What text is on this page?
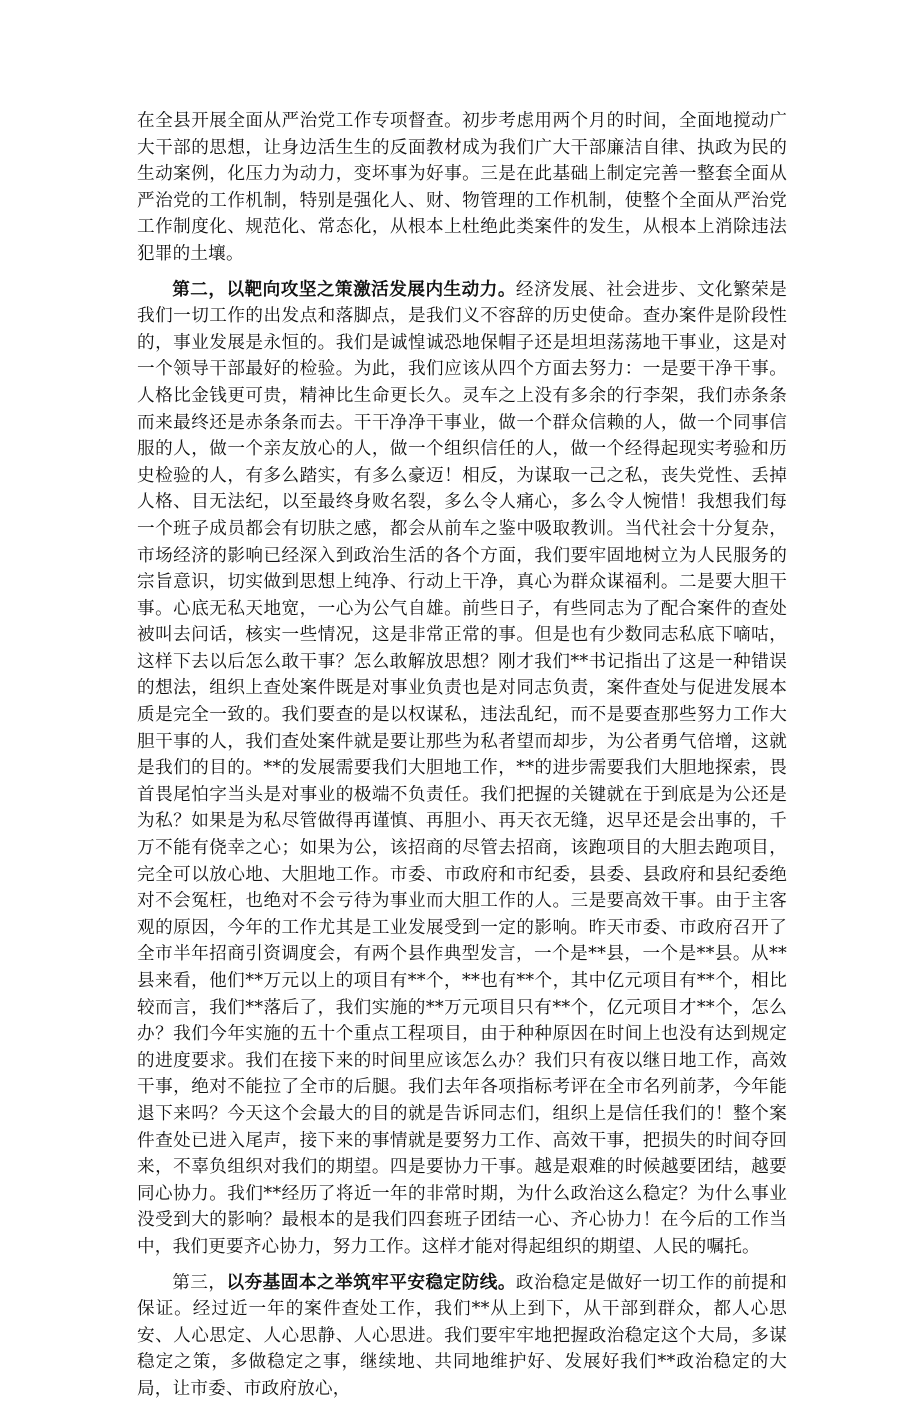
在全县开展全面从严治党工作专项督查。初步考虑用两个月的时间，全面地搅动广大干部的思想，让身边活生生的反面教材成为我们广大干部廉洁自律、执政为民的生动案例，化压力为动力，变坏事为好事。三是在此基础上制定完善一整套全面从严治党的工作机制，特别是强化人、财、物管理的工作机制，使整个全面从严治党工作制度化、规范化、常态化，从根本上杜绝此类案件的发生，从根本上消除违法犯罪的土壤。

第二，以靶向攻坚之策激活发展内生动力。经济发展、社会进步、文化繁荣是我们一切工作的出发点和落脚点，是我们义不容辞的历史使命。查办案件是阶段性的，事业发展是永恒的。我们是诚惶诚恐地保帽子还是坦坦荡荡地干事业，这是对一个领导干部最好的检验。为此，我们应该从四个方面去努力：一是要干净干事。人格比金钱更可贵，精神比生命更长久。灵车之上没有多余的行李架，我们赤条条而来最终还是赤条条而去。干干净净干事业，做一个群众信赖的人，做一个同事信服的人，做一个亲友放心的人，做一个组织信任的人，做一个经得起现实考验和历史检验的人，有多么踏实，有多么豪迈！相反，为谋取一己之私，丧失党性、丢掉人格、目无法纪，以至最终身败名裂，多么令人痛心，多么令人惋惜！我想我们每一个班子成员都会有切肤之感，都会从前车之鉴中吸取教训。当代社会十分复杂，市场经济的影响已经深入到政治生活的各个方面，我们要牢固地树立为人民服务的宗旨意识，切实做到思想上纯净、行动上干净，真心为群众谋福利。二是要大胆干事。心底无私天地宽，一心为公气自雄。前些日子，有些同志为了配合案件的查处被叫去问话，核实一些情况，这是非常正常的事。但是也有少数同志私底下嘀咕，这样下去以后怎么敢干事？怎么敢解放思想？刚才我们**书记指出了这是一种错误的想法，组织上查处案件既是对事业负责也是对同志负责，案件查处与促进发展本质是完全一致的。我们要查的是以权谋私，违法乱纪，而不是要查那些努力工作大胆干事的人，我们查处案件就是要让那些为私者望而却步，为公者勇气倍增，这就是我们的目的。**的发展需要我们大胆地工作，**的进步需要我们大胆地探索，畏首畏尾怕字当头是对事业的极端不负责任。我们把握的关键就在于到底是为公还是为私？如果是为私尽管做得再谨慎、再胆小、再天衣无缝，迟早还是会出事的，千万不能有侥幸之心；如果为公，该招商的尽管去招商，该跑项目的大胆去跑项目，完全可以放心地、大胆地工作。市委、市政府和市纪委，县委、县政府和县纪委绝对不会冤枉，也绝对不会亏待为事业而大胆工作的人。三是要高效干事。由于主客观的原因，今年的工作尤其是工业发展受到一定的影响。昨天市委、市政府召开了全市半年招商引资调度会，有两个县作典型发言，一个是**县，一个是**县。从**县来看，他们**万元以上的项目有**个，**也有**个，其中亿元项目有**个，相比较而言，我们**落后了，我们实施的**万元项目只有**个，亿元项目才**个，怎么办？我们今年实施的五十个重点工程项目，由于种种原因在时间上也没有达到规定的进度要求。我们在接下来的时间里应该怎么办？我们只有夜以继日地工作，高效干事，绝对不能拉了全市的后腿。我们去年各项指标考评在全市名列前茅，今年能退下来吗？今天这个会最大的目的就是告诉同志们，组织上是信任我们的！整个案件查处已进入尾声，接下来的事情就是要努力工作、高效干事，把损失的时间夺回来，不辜负组织对我们的期望。四是要协力干事。越是艰难的时候越要团结，越要同心协力。我们**经历了将近一年的非常时期，为什么政治这么稳定？为什么事业没受到大的影响？最根本的是我们四套班子团结一心、齐心协力！在今后的工作当中，我们更要齐心协力，努力工作。这样才能对得起组织的期望、人民的嘱托。

第三，以夯基固本之举筑牢平安稳定防线。政治稳定是做好一切工作的前提和保证。经过近一年的案件查处工作，我们**从上到下，从干部到群众，都人心思安、人心思定、人心思静、人心思进。我们要牢牢地把握政治稳定这个大局，多谋稳定之策，多做稳定之事，继续地、共同地维护好、发展好我们**政治稳定的大局，让市委、市政府放心，
